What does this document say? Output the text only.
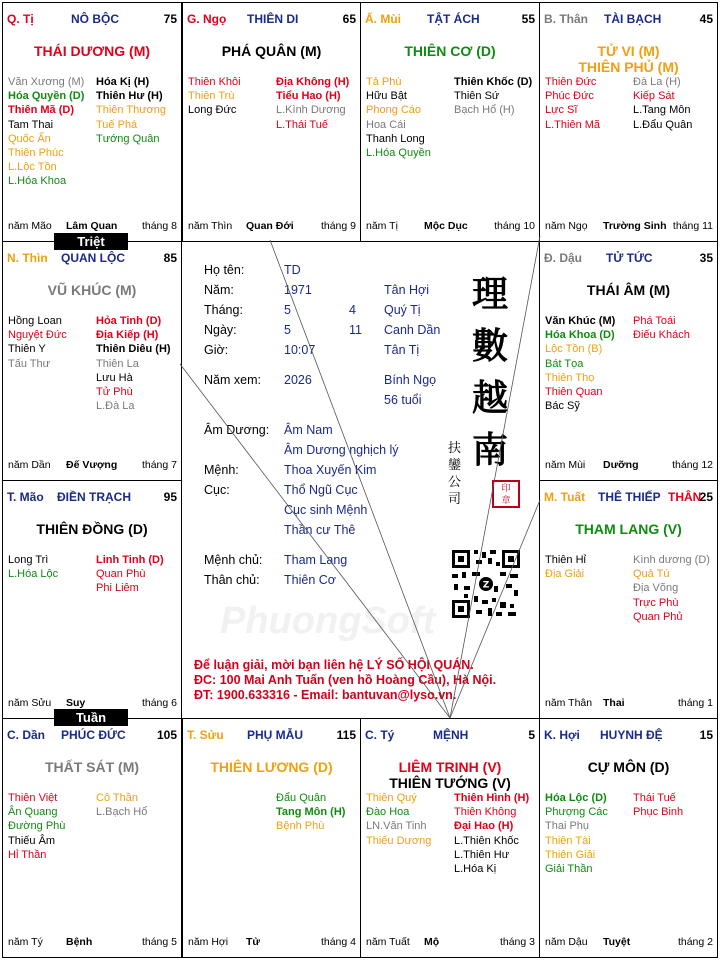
Q. Tị	NÔ BỘC	75
THÁI DƯƠNG (M)
Văn Xương (M)
Hóa Quyền (D)
Thiên Mã (D)
Tam Thai
Quốc Ấn
Thiên Phúc
L.Lộc Tồn
L.Hóa Khoa
Hóa Kị (H)
Thiên Hư (H)
Thiên Thương
Tuế Phá
Tướng Quân
năm Mão Lâm Quan tháng 8
G. Ngọ THIÊN DI	65
PHÁ QUÂN (M)
Thiên Khôi
Thiên Trù
Long Đức
Địa Không (H)
Tiểu Hao (H)
L.Kình Dương
L.Thái Tuế
năm Thìn Quan Đới	tháng 9
Ấ. Mùi TẬT ÁCH	55
THIÊN CƠ (D)
Tả Phù
Hữu Bật
Phong Cáo
Hoa Cái
Thanh Long
L.Hóa Quyền
Thiên Khốc (D)
Thiên Sứ
Bạch Hổ (H)
năm Tị Mộc Dục	tháng 10
B. Thân TÀI BẠCH	45
TỬ VI (M)
THIÊN PHỦ (M)
Thiên Đức
Phúc Đức
Lực Sĩ
L.Thiên Mã
Đà La (H)
Kiếp Sát
L.Tang Môn
L.Đẩu Quân
năm Ngọ Trường Sinh tháng 11
N. Thìn QUAN LỘC	85
VŨ KHÚC (M)
Hồng Loan
Nguyệt Đức
Thiên Y
Tấu Thư
Hỏa Tinh (D)
Địa Kiếp (H)
Thiên Diêu (H)
Thiên La
Lưu Hà
Tử Phù
L.Đà La
năm Dần Đế Vượng tháng 7
Đ. Dậu TỬ TỨC	35
THÁI ÂM (M)
Văn Khúc (M)
Hóa Khoa (D)
Lộc Tồn (B)
Bát Tọa
Thiên Thọ
Thiên Quan
Bác Sỹ
Phá Toái
Điếu Khách
năm Mùi Dưỡng	tháng 12
T. Mão ĐIỀN TRẠCH	95
THIÊN ĐỒNG (D)
Long Trì
L.Hóa Lộc
Linh Tinh (D)
Quan Phù
Phi Liêm
năm Sửu Suy	tháng 6
M. Tuất THÊ THIẾP THÂN
25
THAM LANG (V)
Thiên Hỉ
Địa Giải
Kình dương (D)
Quả Tú
Địa Võng
Trực Phù
Quan Phủ
năm Thân Thai	tháng 1
C. Dần PHÚC ĐỨC	105
THẤT SÁT (M)
Thiên Việt
Ân Quang
Đường Phù
Thiếu Âm
Hỉ Thần
Cô Thần
L.Bạch Hổ
năm Tý Bệnh	tháng 5
T. Sửu PHỤ MẪU	115
THIÊN LƯƠNG (D)
Đẩu Quân
Tang Môn (H)
Bệnh Phù
năm Hợi Tử	tháng 4
C. Tý	MỆNH	5
LIÊM TRINH (V)
THIÊN TƯỚNG (V)
Thiên Quý
Đào Hoa
LN.Văn Tinh
Thiếu Dương
Thiên Hình (H)
Thiên Không
Đại Hao (H)
L.Thiên Khốc
L.Thiên Hư
L.Hóa Kị
năm Tuất Mộ	tháng 3
K. Hợi HUYNH ĐỆ	15
CỰ MÔN (D)
Hóa Lộc (D)
Phượng Các
Thai Phụ
Thiên Tài
Thiên Giải
Giải Thần
Thái Tuế
Phục Binh
năm Dậu Tuyệt	tháng 2
PhuongSoft
Họ tên:	TD
Năm:	1971	Tân Hợi
Tháng:	5	4 Quý Tị
Ngày:	5	11 Canh Dần
Giờ:	10:07	Tân Tị
Năm xem: 2026	Bính Ngọ
56 tuổi
Âm Dương: Âm Nam
Âm Dương nghịch lý
Mệnh:	Thoa Xuyến Kim
Cục:	Thổ Ngũ Cục
Cục sinh Mệnh
Thần cư Thê
Mệnh chủ: Tham Lang
Thân chủ: Thiên Cơ
理數越南
扶鑾公司
印
章
Z
Để luận giải, mời bạn liên hệ LÝ SỐ HỘI QUÁN.
ĐC: 100 Mai Anh Tuấn (ven hồ Hoàng Cầu), Hà Nội.
ĐT: 1900.633316 - Email: bantuvan@lyso.vn.
Triệt
Tuần
